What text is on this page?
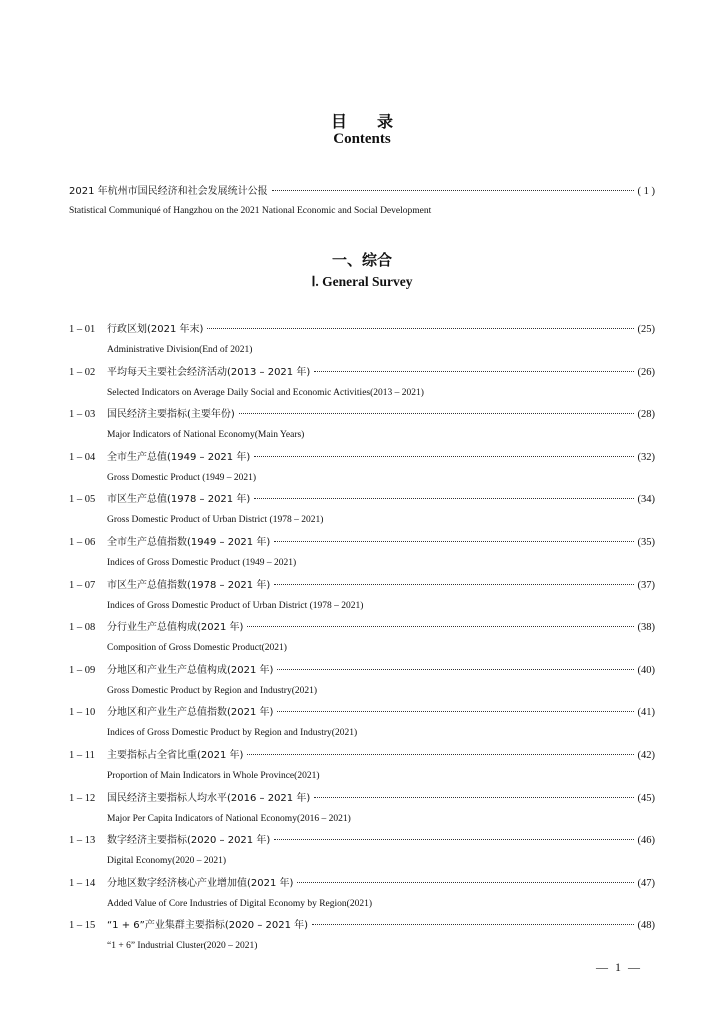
目录
Contents
2021 年杭州市国民经济和社会发展统计公报	( 1 )
Statistical Communiqué of Hangzhou on the 2021 National Economic and Social Development
一、综合
Ⅰ. General Survey
1 – 01	行政区划(2021 年末)	(25)
Administrative Division(End of 2021)
1 – 02	平均每天主要社会经济活动(2013 – 2021 年)	(26)
Selected Indicators on Average Daily Social and Economic Activities(2013 – 2021)
1 – 03	国民经济主要指标(主要年份)	(28)
Major Indicators of National Economy(Main Years)
1 – 04	全市生产总值(1949 – 2021 年)	(32)
Gross Domestic Product (1949 – 2021)
1 – 05	市区生产总值(1978 – 2021 年)	(34)
Gross Domestic Product of Urban District (1978 – 2021)
1 – 06	全市生产总值指数(1949 – 2021 年)	(35)
Indices of Gross Domestic Product (1949 – 2021)
1 – 07	市区生产总值指数(1978 – 2021 年)	(37)
Indices of Gross Domestic Product of Urban District (1978 – 2021)
1 – 08	分行业生产总值构成(2021 年)	(38)
Composition of Gross Domestic Product(2021)
1 – 09	分地区和产业生产总值构成(2021 年)	(40)
Gross Domestic Product by Region and Industry(2021)
1 – 10	分地区和产业生产总值指数(2021 年)	(41)
Indices of Gross Domestic Product by Region and Industry(2021)
1 – 11	主要指标占全省比重(2021 年)	(42)
Proportion of Main Indicators in Whole Province(2021)
1 – 12	国民经济主要指标人均水平(2016 – 2021 年)	(45)
Major Per Capita Indicators of National Economy(2016 – 2021)
1 – 13	数字经济主要指标(2020 – 2021 年)	(46)
Digital Economy(2020 – 2021)
1 – 14	分地区数字经济核心产业增加值(2021 年)	(47)
Added Value of Core Industries of Digital Economy by Region(2021)
1 – 15	“1 + 6”产业集群主要指标(2020 – 2021 年)	(48)
“1 + 6” Industrial Cluster(2020 – 2021)
— 1 —
